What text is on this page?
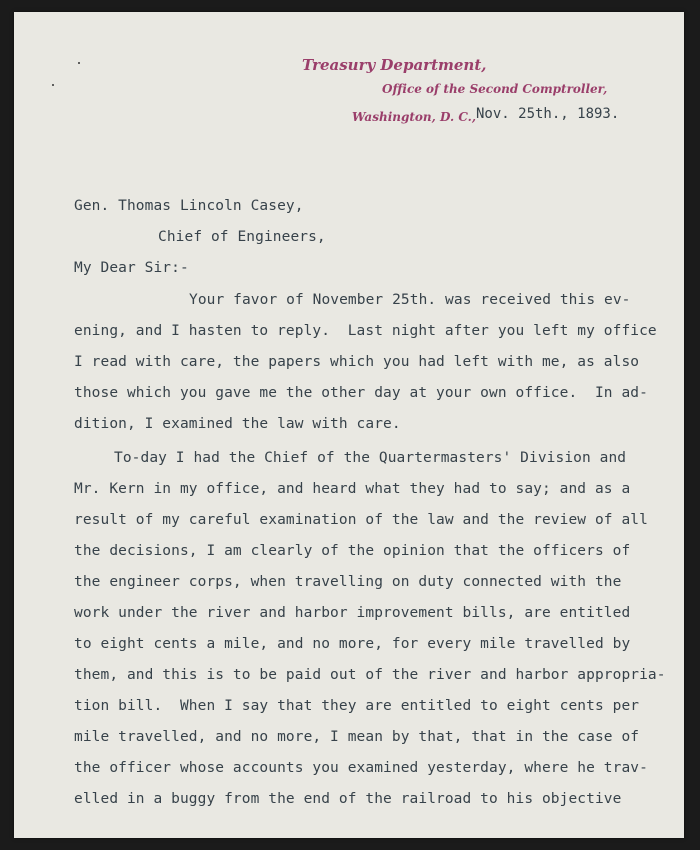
Treasury Department,
Office of the Second Comptroller,
Washington, D. C., Nov. 25th., 1893.
Gen. Thomas Lincoln Casey,
Chief of Engineers,
My Dear Sir:-
Your favor of November 25th. was received this ev-
ening, and I hasten to reply.  Last night after you left my office
I read with care, the papers which you had left with me, as also
those which you gave me the other day at your own office.  In ad-
dition, I examined the law with care.
To-day I had the Chief of the Quartermasters' Division and
Mr. Kern in my office, and heard what they had to say; and as a
result of my careful examination of the law and the review of all
the decisions, I am clearly of the opinion that the officers of
the engineer corps, when travelling on duty connected with the
work under the river and harbor improvement bills, are entitled
to eight cents a mile, and no more, for every mile travelled by
them, and this is to be paid out of the river and harbor appropria-
tion bill.  When I say that they are entitled to eight cents per
mile travelled, and no more, I mean by that, that in the case of
the officer whose accounts you examined yesterday, where he trav-
elled in a buggy from the end of the railroad to his objective
